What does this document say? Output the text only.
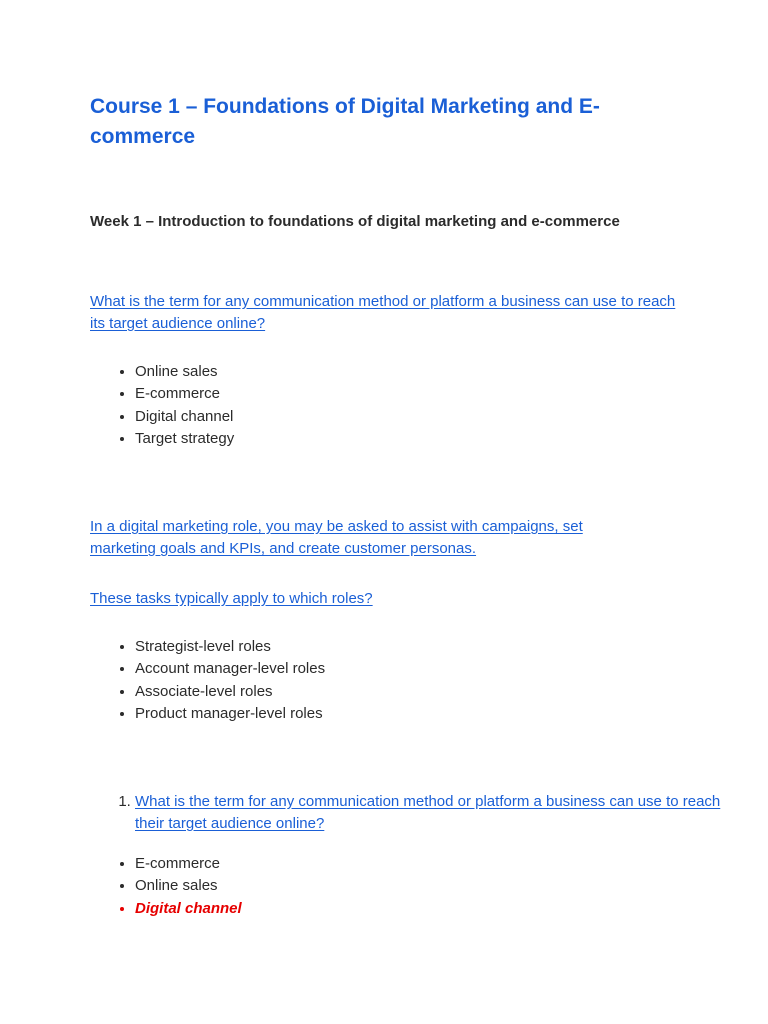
Course 1 – Foundations of Digital Marketing and E-commerce
Week 1 – Introduction to foundations of digital marketing and e-commerce
What is the term for any communication method or platform a business can use to reach its target audience online?
• Online sales
• E-commerce
• Digital channel
• Target strategy
In a digital marketing role, you may be asked to assist with campaigns, set marketing goals and KPIs, and create customer personas.
These tasks typically apply to which roles?
• Strategist-level roles
• Account manager-level roles
• Associate-level roles
• Product manager-level roles
1. What is the term for any communication method or platform a business can use to reach their target audience online?
• E-commerce
• Online sales
• Digital channel
